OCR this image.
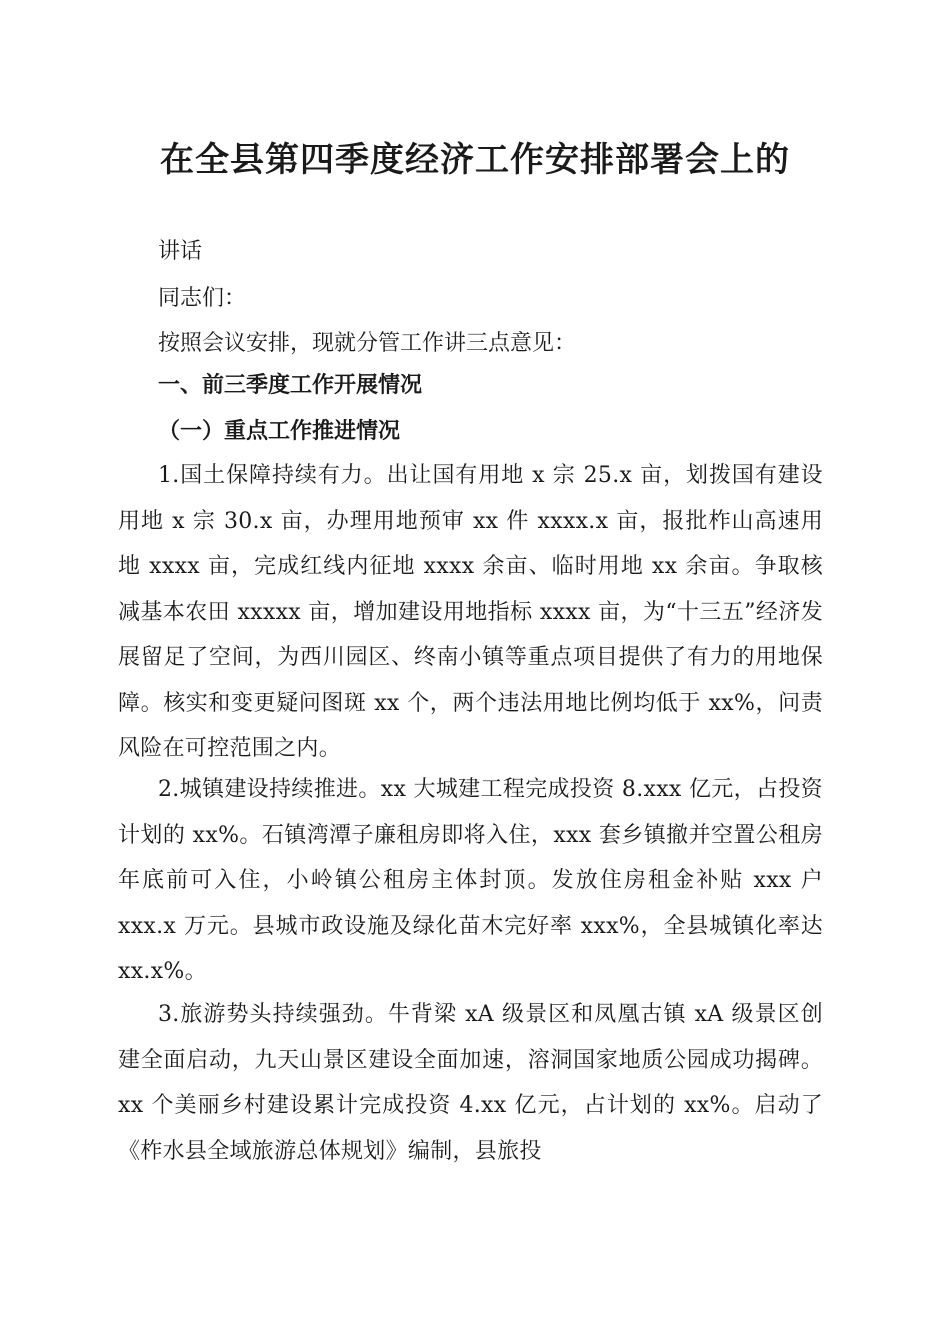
在全县第四季度经济工作安排部署会上的
讲话
同志们：
按照会议安排，现就分管工作讲三点意见：
一、前三季度工作开展情况
（一）重点工作推进情况
1.国土保障持续有力。出让国有用地 x 宗 25.x 亩，划拨国有建设用地 x 宗 30.x 亩，办理用地预审 xx 件 xxxx.x 亩，报批柞山高速用地 xxxx 亩，完成红线内征地 xxxx 余亩、临时用地 xx 余亩。争取核减基本农田 xxxxx 亩，增加建设用地指标 xxxx 亩，为“十三五”经济发展留足了空间，为西川园区、终南小镇等重点项目提供了有力的用地保障。核实和变更疑问图斑 xx 个，两个违法用地比例均低于 xx%，问责风险在可控范围之内。
2.城镇建设持续推进。xx 大城建工程完成投资 8.xxx 亿元，占投资计划的 xx%。石镇湾潭子廉租房即将入住，xxx 套乡镇撤并空置公租房年底前可入住，小岭镇公租房主体封顶。发放住房租金补贴 xxx 户 xxx.x 万元。县城市政设施及绿化苗木完好率 xxx%，全县城镇化率达 xx.x%。
3.旅游势头持续强劲。牛背梁 xA 级景区和凤凰古镇 xA 级景区创建全面启动，九天山景区建设全面加速，溶洞国家地质公园成功揭碑。xx 个美丽乡村建设累计完成投资 4.xx 亿元，占计划的 xx%。启动了《柞水县全域旅游总体规划》编制，县旅投
